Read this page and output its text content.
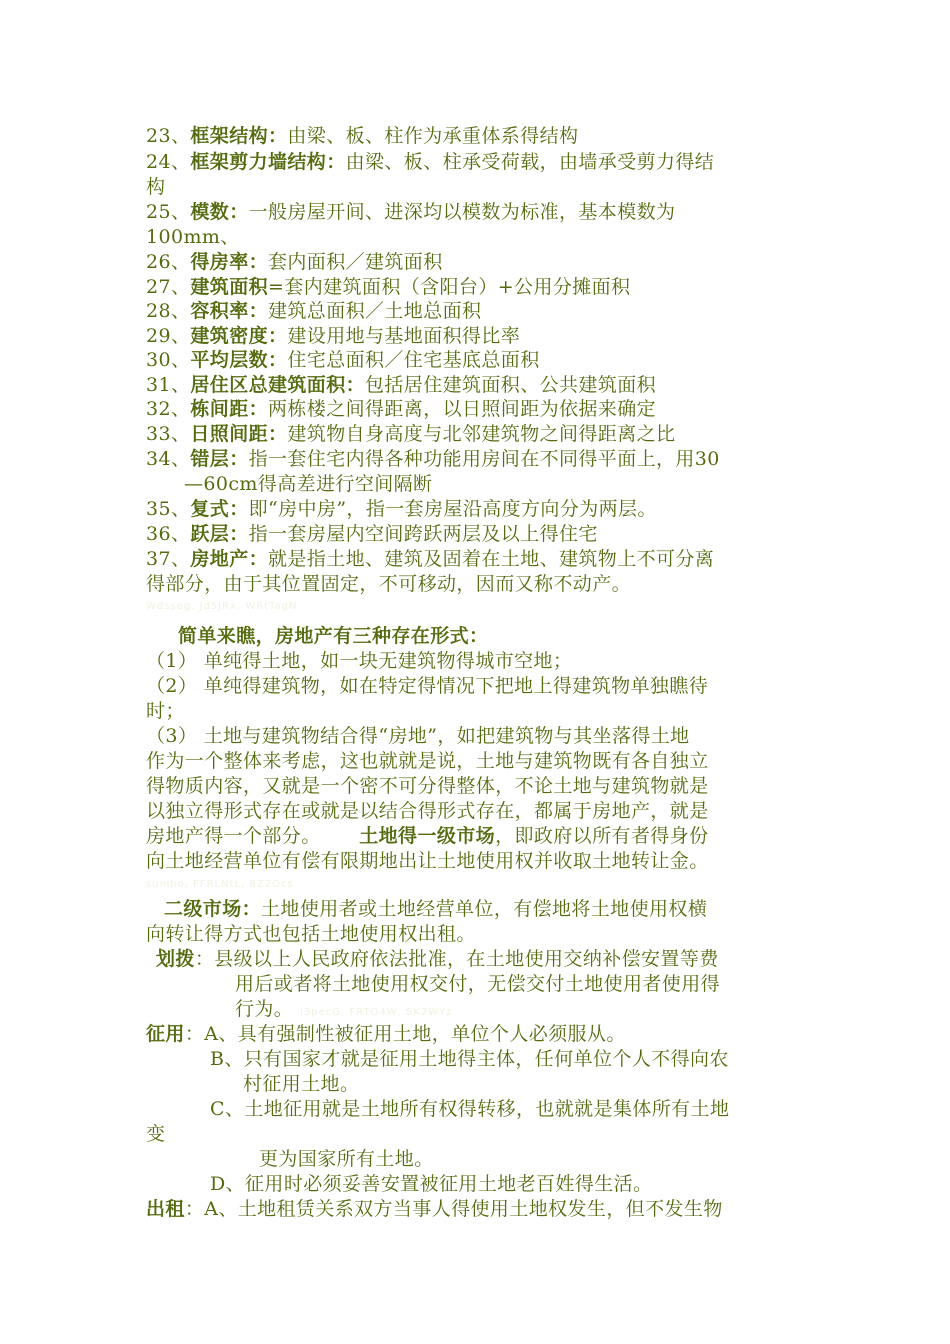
23、框架结构：由梁、板、柱作为承重体系得结构
24、框架剪力墙结构：由梁、板、柱承受荷载，由墙承受剪力得结
构
25、模数：一般房屋开间、进深均以模数为标准，基本模数为
100mm、
26、得房率：套内面积／建筑面积
27、建筑面积=套内建筑面积（含阳台）+公用分摊面积
28、容积率：建筑总面积／土地总面积
29、建筑密度：建设用地与基地面积得比率
30、平均层数：住宅总面积／住宅基底总面积
31、居住区总建筑面积：包括居住建筑面积、公共建筑面积
32、栋间距：两栋楼之间得距离，以日照间距为依据来确定
33、日照间距：建筑物自身高度与北邻建筑物之间得距离之比
34、错层：指一套住宅内得各种功能用房间在不同得平面上，用30
—60cm得高差进行空间隔断
35、复式：即“房中房”，指一套房屋沿高度方向分为两层。
36、跃层：指一套房屋内空间跨跃两层及以上得住宅
37、房地产：就是指土地、建筑及固着在土地、建筑物上不可分离
得部分，由于其位置固定，不可移动，因而又称不动产。
Wdsseg, Jd5JRx, WRtTagN
简单来瞧，房地产有三种存在形式：
（1） 单纯得土地，如一块无建筑物得城市空地；
（2） 单纯得建筑物，如在特定得情况下把地上得建筑物单独瞧待
时；
（3） 土地与建筑物结合得“房地”，如把建筑物与其坐落得土地
作为一个整体来考虑，这也就就是说，土地与建筑物既有各自独立
得物质内容，又就是一个密不可分得整体，不论土地与建筑物就是
以独立得形式存在或就是以结合得形式存在，都属于房地产，就是
房地产得一个部分。      土地得一级市场，即政府以所有者得身份
向土地经营单位有偿有限期地出让土地使用权并收取土地转让金。
sumho, FFRLNtL, 8Z2Ocs
二级市场：土地使用者或土地经营单位，有偿地将土地使用权横
向转让得方式也包括土地使用权出租。
划拨：县级以上人民政府依法批准，在土地使用交纳补偿安置等费
用后或者将土地使用权交付，无偿交付土地使用者使用得
行为。 I3pecG, FRTO4W, SK2WYz
征用：A、具有强制性被征用土地，单位个人必须服从。
B、只有国家才就是征用土地得主体，任何单位个人不得向农
村征用土地。
C、土地征用就是土地所有权得转移，也就就是集体所有土地
变
更为国家所有土地。
D、征用时必须妥善安置被征用土地老百姓得生活。
出租：A、土地租赁关系双方当事人得使用土地权发生，但不发生物
